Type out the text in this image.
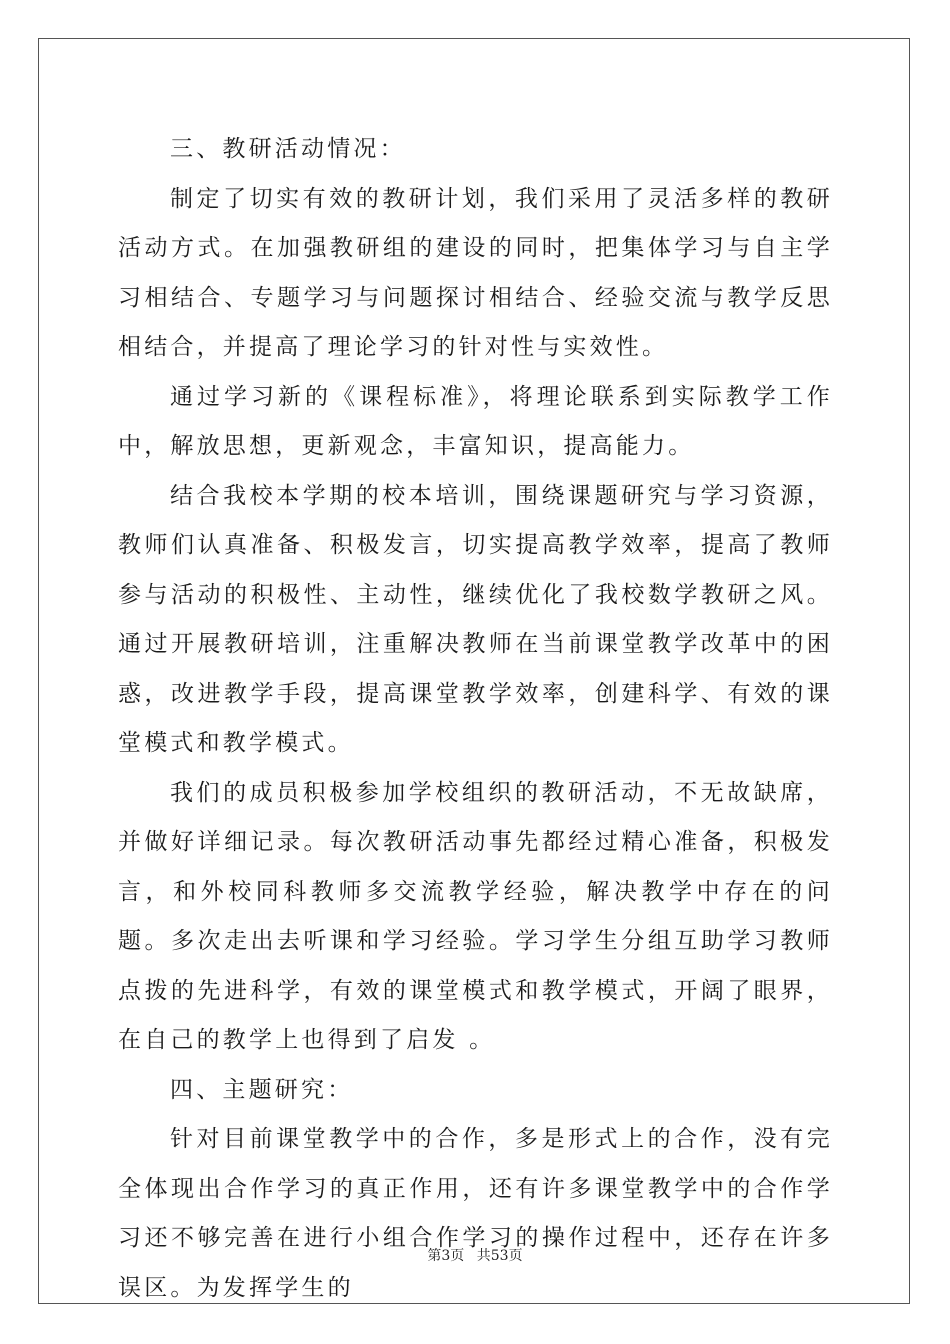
三、教研活动情况：

制定了切实有效的教研计划，我们采用了灵活多样的教研活动方式。在加强教研组的建设的同时，把集体学习与自主学习相结合、专题学习与问题探讨相结合、经验交流与教学反思相结合，并提高了理论学习的针对性与实效性。

通过学习新的《课程标准》，将理论联系到实际教学工作中，解放思想，更新观念，丰富知识，提高能力。

结合我校本学期的校本培训，围绕课题研究与学习资源，教师们认真准备、积极发言，切实提高教学效率，提高了教师参与活动的积极性、主动性，继续优化了我校数学教研之风。通过开展教研培训，注重解决教师在当前课堂教学改革中的困惑，改进教学手段，提高课堂教学效率，创建科学、有效的课堂模式和教学模式。

我们的成员积极参加学校组织的教研活动，不无故缺席，并做好详细记录。每次教研活动事先都经过精心准备，积极发言，和外校同科教师多交流教学经验，解决教学中存在的问题。多次走出去听课和学习经验。学习学生分组互助学习教师点拨的先进科学，有效的课堂模式和教学模式，开阔了眼界，在自己的教学上也得到了启发 。

四、主题研究：

针对目前课堂教学中的合作，多是形式上的合作，没有完全体现出合作学习的真正作用，还有许多课堂教学中的合作学习还不够完善在进行小组合作学习的操作过程中，还存在许多误区。为发挥学生的

第3页 共53页
